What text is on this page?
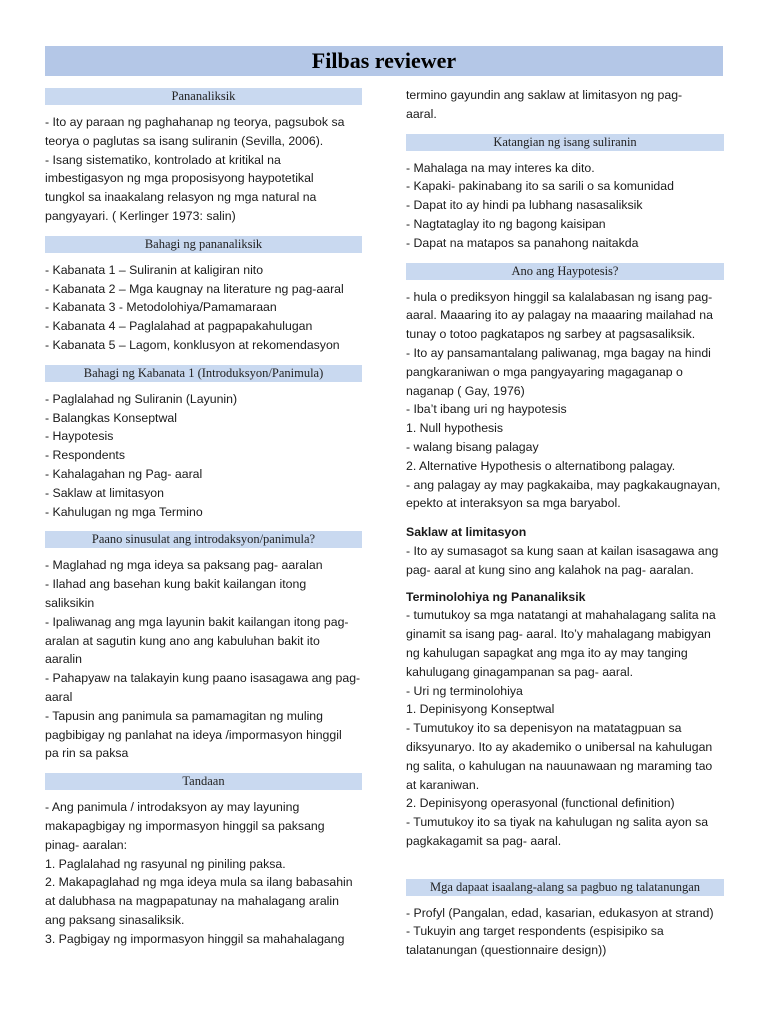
Filbas reviewer
Pananaliksik
- Ito ay paraan ng paghahanap ng teorya, pagsubok sa
teorya o paglutas sa isang suliranin (Sevilla, 2006).
- Isang sistematiko, kontrolado at kritikal na
imbestigasyon ng mga proposisyong haypotetikal
tungkol sa inaakalang relasyon ng mga natural na
pangyayari. ( Kerlinger 1973: salin)
Bahagi ng pananaliksik
- Kabanata 1 – Suliranin at kaligiran nito
- Kabanata 2 – Mga kaugnay na literature ng pag-aaral
- Kabanata 3 - Metodolohiya/Pamamaraan
- Kabanata 4 – Paglalahad at pagpapakahulugan
- Kabanata 5 – Lagom, konklusyon at rekomendasyon
Bahagi ng Kabanata 1 (Introduksyon/Panimula)
- Paglalahad ng Suliranin (Layunin)
- Balangkas Konseptwal
- Haypotesis
- Respondents
- Kahalagahan ng Pag- aaral
- Saklaw at limitasyon
- Kahulugan ng mga Termino
Paano sinusulat ang introdaksyon/panimula?
- Maglahad ng mga ideya sa paksang pag- aaralan
- Ilahad ang basehan kung bakit kailangan itong
saliksikin
- Ipaliwanag ang mga layunin bakit kailangan itong pag-
aralan at sagutin kung ano ang kabuluhan bakit ito
aaralin
- Pahapyaw na talakayin kung paano isasagawa ang pag-
aaral
- Tapusin ang panimula sa pamamagitan ng muling
pagbibigay ng panlahat na ideya /impormasyon hinggil
pa rin sa paksa
Tandaan
- Ang panimula / introdaksyon ay may layuning
makapagbigay ng impormasyon hinggil sa paksang
pinag- aaralan:
1. Paglalahad ng rasyunal ng piniling paksa.
2. Makapaglahad ng mga ideya mula sa ilang babasahin
at dalubhasa na magpapatunay na mahalagang aralin
ang paksang sinasaliksik.
3. Pagbigay ng impormasyon hinggil sa mahahalagang
termino gayundin ang saklaw at limitasyon ng pag-
aaral.
Katangian ng isang suliranin
- Mahalaga na may interes ka dito.
- Kapaki- pakinabang ito sa sarili o sa komunidad
- Dapat ito ay hindi pa lubhang nasasaliksik
- Nagtataglay ito ng bagong kaisipan
- Dapat na matapos sa panahong naitakda
Ano ang Haypotesis?
- hula o prediksyon hinggil sa kalalabasan ng isang pag-
aaral. Maaaring ito ay palagay na maaaring mailahad na
tunay o totoo pagkatapos ng sarbey at pagsasaliksik.
- Ito ay pansamantalang paliwanag, mga bagay na hindi
pangkaraniwan o mga pangyayaring magaganap o
naganap ( Gay, 1976)
- Iba’t ibang uri ng haypotesis
1. Null hypothesis
- walang bisang palagay
2. Alternative Hypothesis o alternatibong palagay.
- ang palagay ay may pagkakaiba, may pagkakaugnayan,
epekto at interaksyon sa mga baryabol.
Saklaw at limitasyon
- Ito ay sumasagot sa kung saan at kailan isasagawa ang
pag- aaral at kung sino ang kalahok na pag- aaralan.
Terminolohiya ng Pananaliksik
- tumutukoy sa mga natatangi at mahahalagang salita na
ginamit sa isang pag- aaral. Ito’y mahalagang mabigyan
ng kahulugan sapagkat ang mga ito ay may tanging
kahulugang ginagampanan sa pag- aaral.
- Uri ng terminolohiya
1. Depinisyong Konseptwal
- Tumutukoy ito sa depenisyon na matatagpuan sa
diksyunaryo. Ito ay akademiko o unibersal na kahulugan
ng salita, o kahulugan na nauunawaan ng maraming tao
at karaniwan.
2. Depinisyong operasyonal (functional definition)
- Tumutukoy ito sa tiyak na kahulugan ng salita ayon sa
pagkakagamit sa pag- aaral.
Mga dapaat isaalang-alang sa pagbuo ng talatanungan
- Profyl (Pangalan, edad, kasarian, edukasyon at strand)
- Tukuyin ang target respondents (espisipiko sa
talatanungan (questionnaire design))
